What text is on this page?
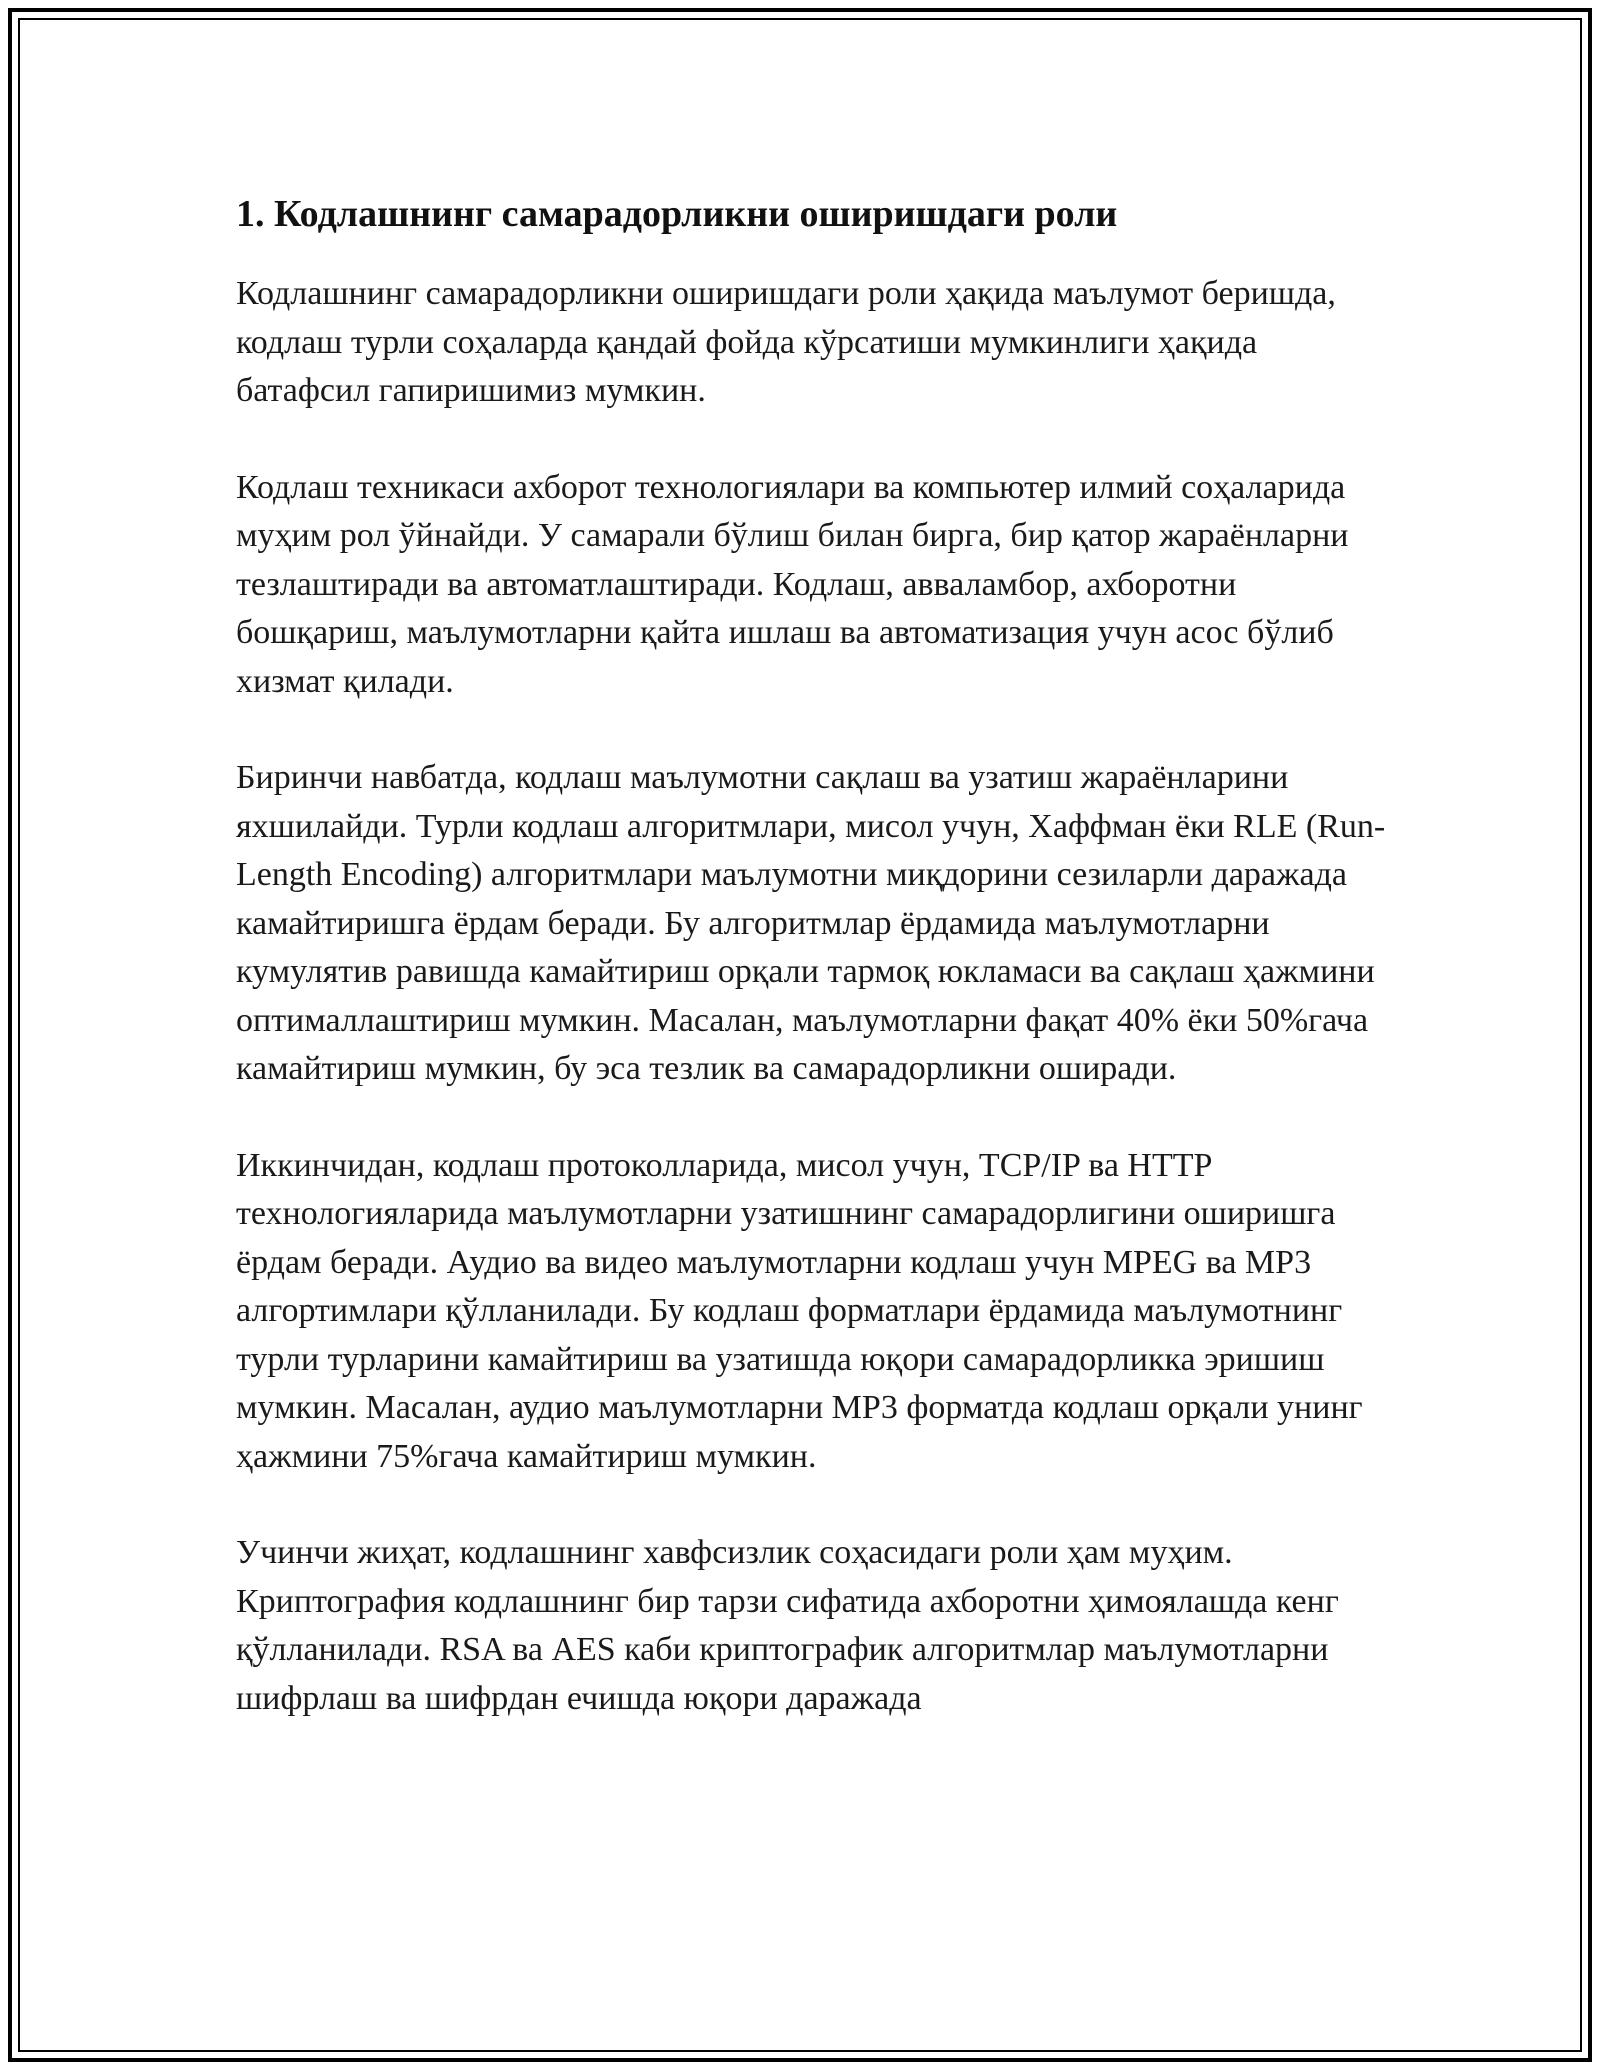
1. Кодлашнинг самарадорликни оширишдаги роли

Кодлашнинг самарадорликни оширишдаги роли ҳақида маълумот беришда, кодлаш турли соҳаларда қандай фойда кўрсатиши мумкинлиги ҳақида батафсил гапиришимиз мумкин.

Кодлаш техникаси ахборот технологиялари ва компьютер илмий соҳаларида муҳим рол ўйнайди. У самарали бўлиш билан бирга, бир қатор жараёнларни тезлаштиради ва автоматлаштиради. Кодлаш, авваламбор, ахборотни бошқариш, маълумотларни қайта ишлаш ва автоматизация учун асос бўлиб хизмат қилади.

Биринчи навбатда, кодлаш маълумотни сақлаш ва узатиш жараёнларини яхшилайди. Турли кодлаш алгоритмлари, мисол учун, Хаффман ёки RLE (Run-Length Encoding) алгоритмлари маълумотни миқдорини сезиларли даражада камайтиришга ёрдам беради. Бу алгоритмлар ёрдамида маълумотларни кумулятив равишда камайтириш орқали тармоқ юкламаси ва сақлаш ҳажмини оптималлаштириш мумкин. Масалан, маълумотларни фақат 40% ёки 50%гача камайтириш мумкин, бу эса тезлик ва самарадорликни оширади.

Иккинчидан, кодлаш протоколларида, мисол учун, TCP/IP ва HTTP технологияларида маълумотларни узатишнинг самарадорлигини оширишга ёрдам беради. Аудио ва видео маълумотларни кодлаш учун MPEG ва MP3 алгортимлари қўлланилади. Бу кодлаш форматлари ёрдамида маълумотнинг турли турларини камайтириш ва узатишда юқори самарадорликка эришиш мумкин. Масалан, аудио маълумотларни MP3 форматда кодлаш орқали унинг ҳажмини 75%гача камайтириш мумкин.

Учинчи жиҳат, кодлашнинг хавфсизлик соҳасидаги роли ҳам муҳим. Криптография кодлашнинг бир тарзи сифатида ахборотни ҳимоялашда кенг қўлланилади. RSA ва AES каби криптографик алгоритмлар маълумотларни шифрлаш ва шифрдан ечишда юқори даражада
